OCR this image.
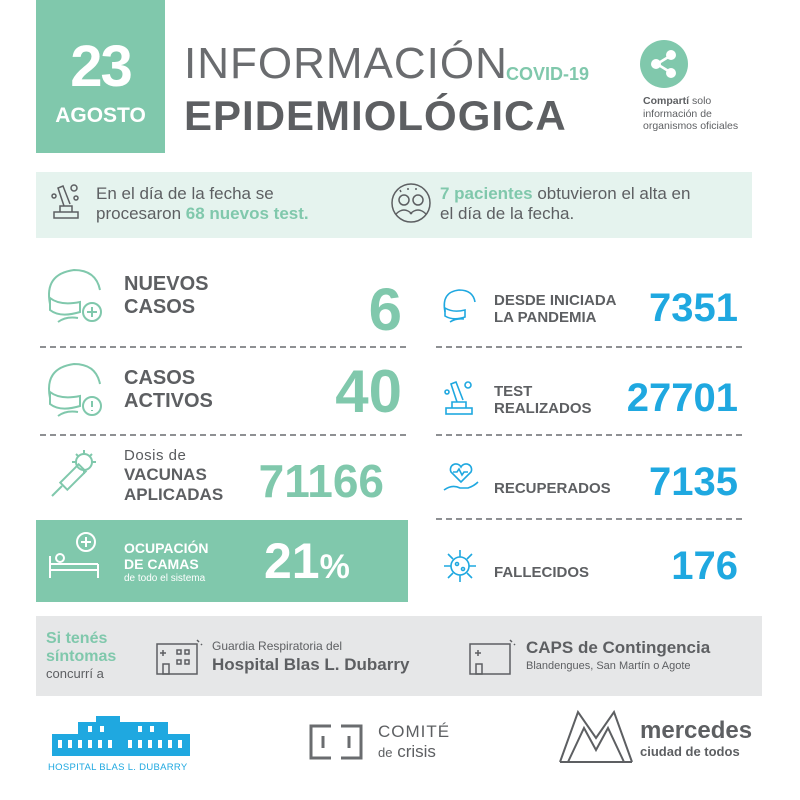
23
AGOSTO
INFORMACIÓN
COVID-19
EPIDEMIOLÓGICA	Compartí solo
información de
organismos oficiales
En el día de la fecha se
procesaron 68 nuevos test.
7 pacientes obtuvieron el alta en
el día de la fecha.
NUEVOS
CASOS	6
CASOS
ACTIVOS	40
Dosis de
VACUNAS
APLICADAS 71166
OCUPACIÓN
DE CAMAS
de todo el sistema 21%
DESDE INICIADA
LA PANDEMIA	7351
TEST
REALIZADOS 27701
RECUPERADOS 7135
FALLECIDOS	176
Si tenés
síntomas
concurrí a
Guardia Respiratoria del
Hospital Blas L. Dubarry
CAPS de Contingencia
Blandengues, San Martín o Agote
HOSPITAL BLAS L. DUBARRY
COMITÉ
de crisis
mercedes
ciudad de todos
